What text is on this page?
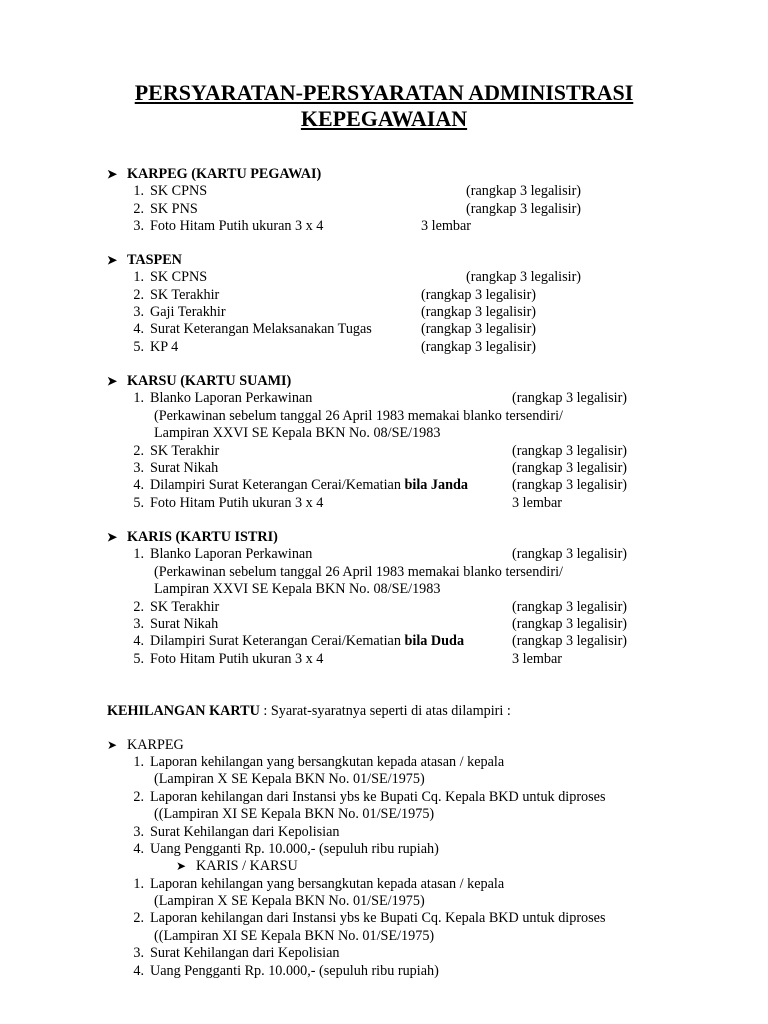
PERSYARATAN-PERSYARATAN ADMINISTRASI
KEPEGAWAIAN
➤ KARPEG (KARTU PEGAWAI)
1. SK CPNS	(rangkap 3 legalisir)
2. SK PNS	(rangkap 3 legalisir)
3. Foto Hitam Putih ukuran 3 x 4	3 lembar
➤ TASPEN
1. SK CPNS	(rangkap 3 legalisir)
2. SK Terakhir	(rangkap 3 legalisir)
3. Gaji Terakhir	(rangkap 3 legalisir)
4. Surat Keterangan Melaksanakan Tugas	(rangkap 3 legalisir)
5. KP 4	(rangkap 3 legalisir)
➤ KARSU (KARTU SUAMI)
1. Blanko Laporan Perkawinan	(rangkap 3 legalisir)
(Perkawinan sebelum tanggal 26 April 1983 memakai blanko tersendiri/
Lampiran XXVI SE Kepala BKN No. 08/SE/1983
2. SK Terakhir	(rangkap 3 legalisir)
3. Surat Nikah	(rangkap 3 legalisir)
4. Dilampiri Surat Keterangan Cerai/Kematian bila Janda	(rangkap 3 legalisir)
5. Foto Hitam Putih ukuran 3 x 4	3 lembar
➤ KARIS (KARTU ISTRI)
1. Blanko Laporan Perkawinan	(rangkap 3 legalisir)
(Perkawinan sebelum tanggal 26 April 1983 memakai blanko tersendiri/
Lampiran XXVI SE Kepala BKN No. 08/SE/1983
2. SK Terakhir	(rangkap 3 legalisir)
3. Surat Nikah	(rangkap 3 legalisir)
4. Dilampiri Surat Keterangan Cerai/Kematian bila Duda	(rangkap 3 legalisir)
5. Foto Hitam Putih ukuran 3 x 4	3 lembar
KEHILANGAN KARTU : Syarat-syaratnya seperti di atas dilampiri :
➤ KARPEG
1. Laporan kehilangan yang bersangkutan kepada atasan / kepala
(Lampiran X SE Kepala BKN No. 01/SE/1975)
2. Laporan kehilangan dari Instansi ybs ke Bupati Cq. Kepala BKD untuk diproses
((Lampiran XI SE Kepala BKN No. 01/SE/1975)
3. Surat Kehilangan dari Kepolisian
4. Uang Pengganti Rp. 10.000,- (sepuluh ribu rupiah)
➤ KARIS / KARSU
1. Laporan kehilangan yang bersangkutan kepada atasan / kepala
(Lampiran X SE Kepala BKN No. 01/SE/1975)
2. Laporan kehilangan dari Instansi ybs ke Bupati Cq. Kepala BKD untuk diproses
((Lampiran XI SE Kepala BKN No. 01/SE/1975)
3. Surat Kehilangan dari Kepolisian
4. Uang Pengganti Rp. 10.000,- (sepuluh ribu rupiah)
